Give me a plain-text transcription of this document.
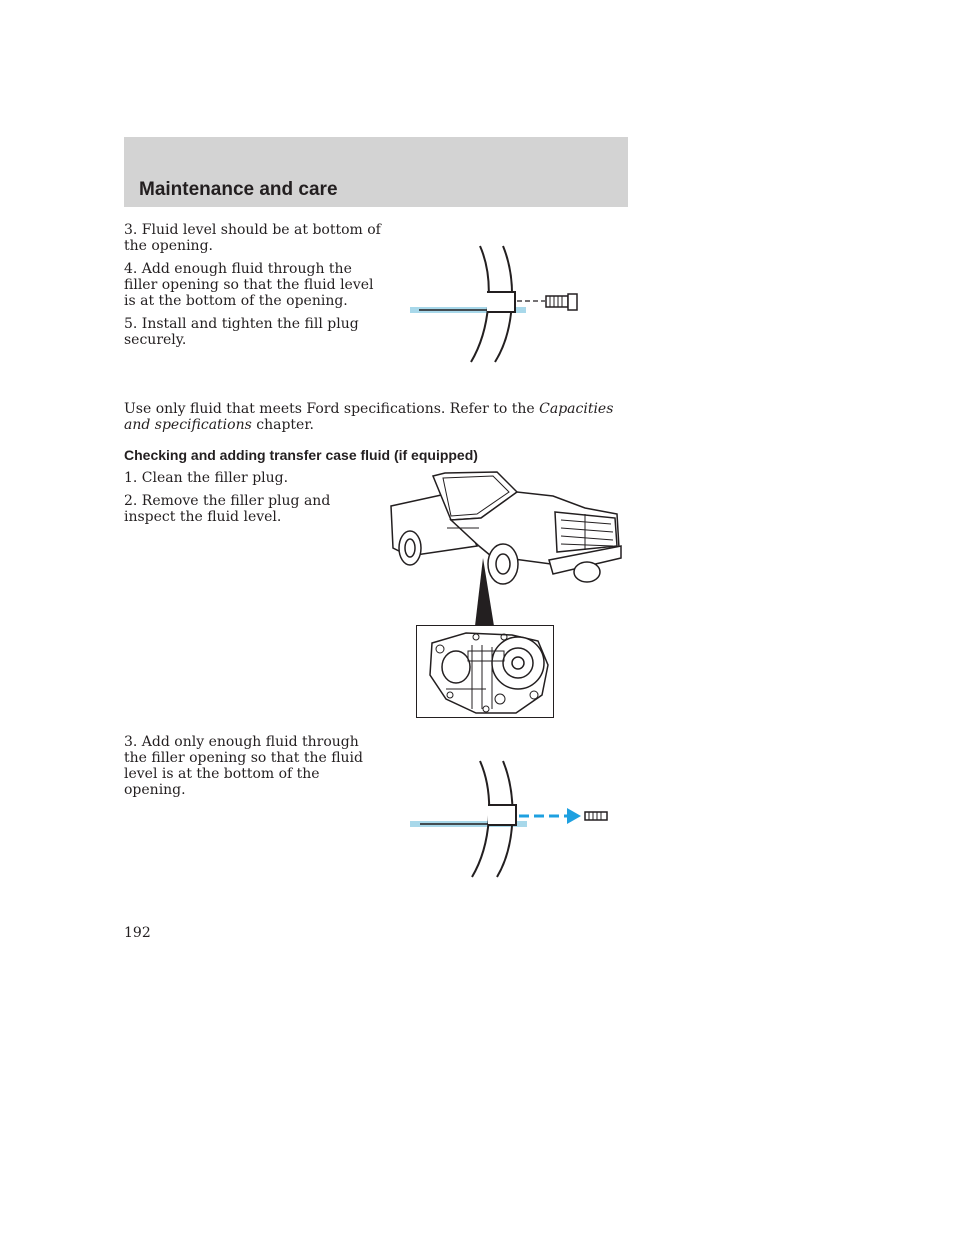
Maintenance and care

3. Fluid level should be at bottom of the opening.

4. Add enough fluid through the filler opening so that the fluid level is at the bottom of the opening.

5. Install and tighten the fill plug securely.

Use only fluid that meets Ford specifications. Refer to the Capacities and specifications chapter.

Checking and adding transfer case fluid (if equipped)

1. Clean the filler plug.

2. Remove the filler plug and inspect the fluid level.

3. Add only enough fluid through the filler opening so that the fluid level is at the bottom of the opening.

192
